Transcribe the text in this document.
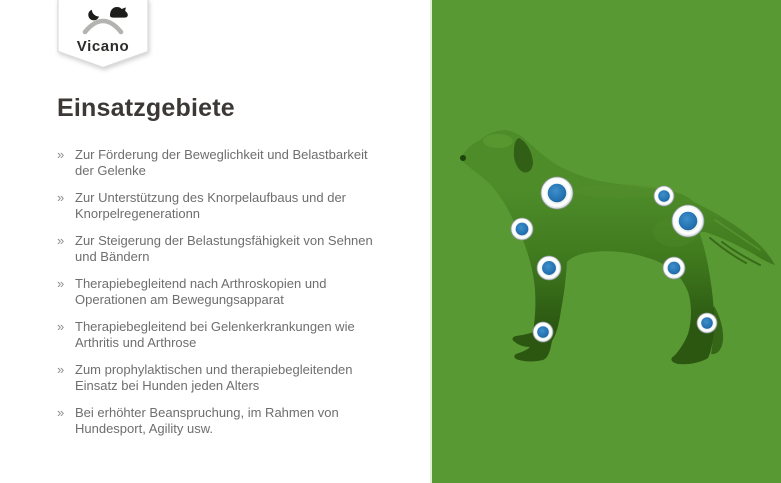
Vicano
Einsatzgebiete
» Zur Förderung der Beweglichkeit und Belastbarkeit
der Gelenke
» Zur Unterstützung des Knorpelaufbaus und der
Knorpelregenerationn
» Zur Steigerung der Belastungsfähigkeit von Sehnen
und Bändern
» Therapiebegleitend nach Arthroskopien und
Operationen am Bewegungsapparat
» Therapiebegleitend bei Gelenkerkrankungen wie
Arthritis und Arthrose
» Zum prophylaktischen und therapiebegleitenden
Einsatz bei Hunden jeden Alters
» Bei erhöhter Beanspruchung, im Rahmen von
Hundesport, Agility usw.
